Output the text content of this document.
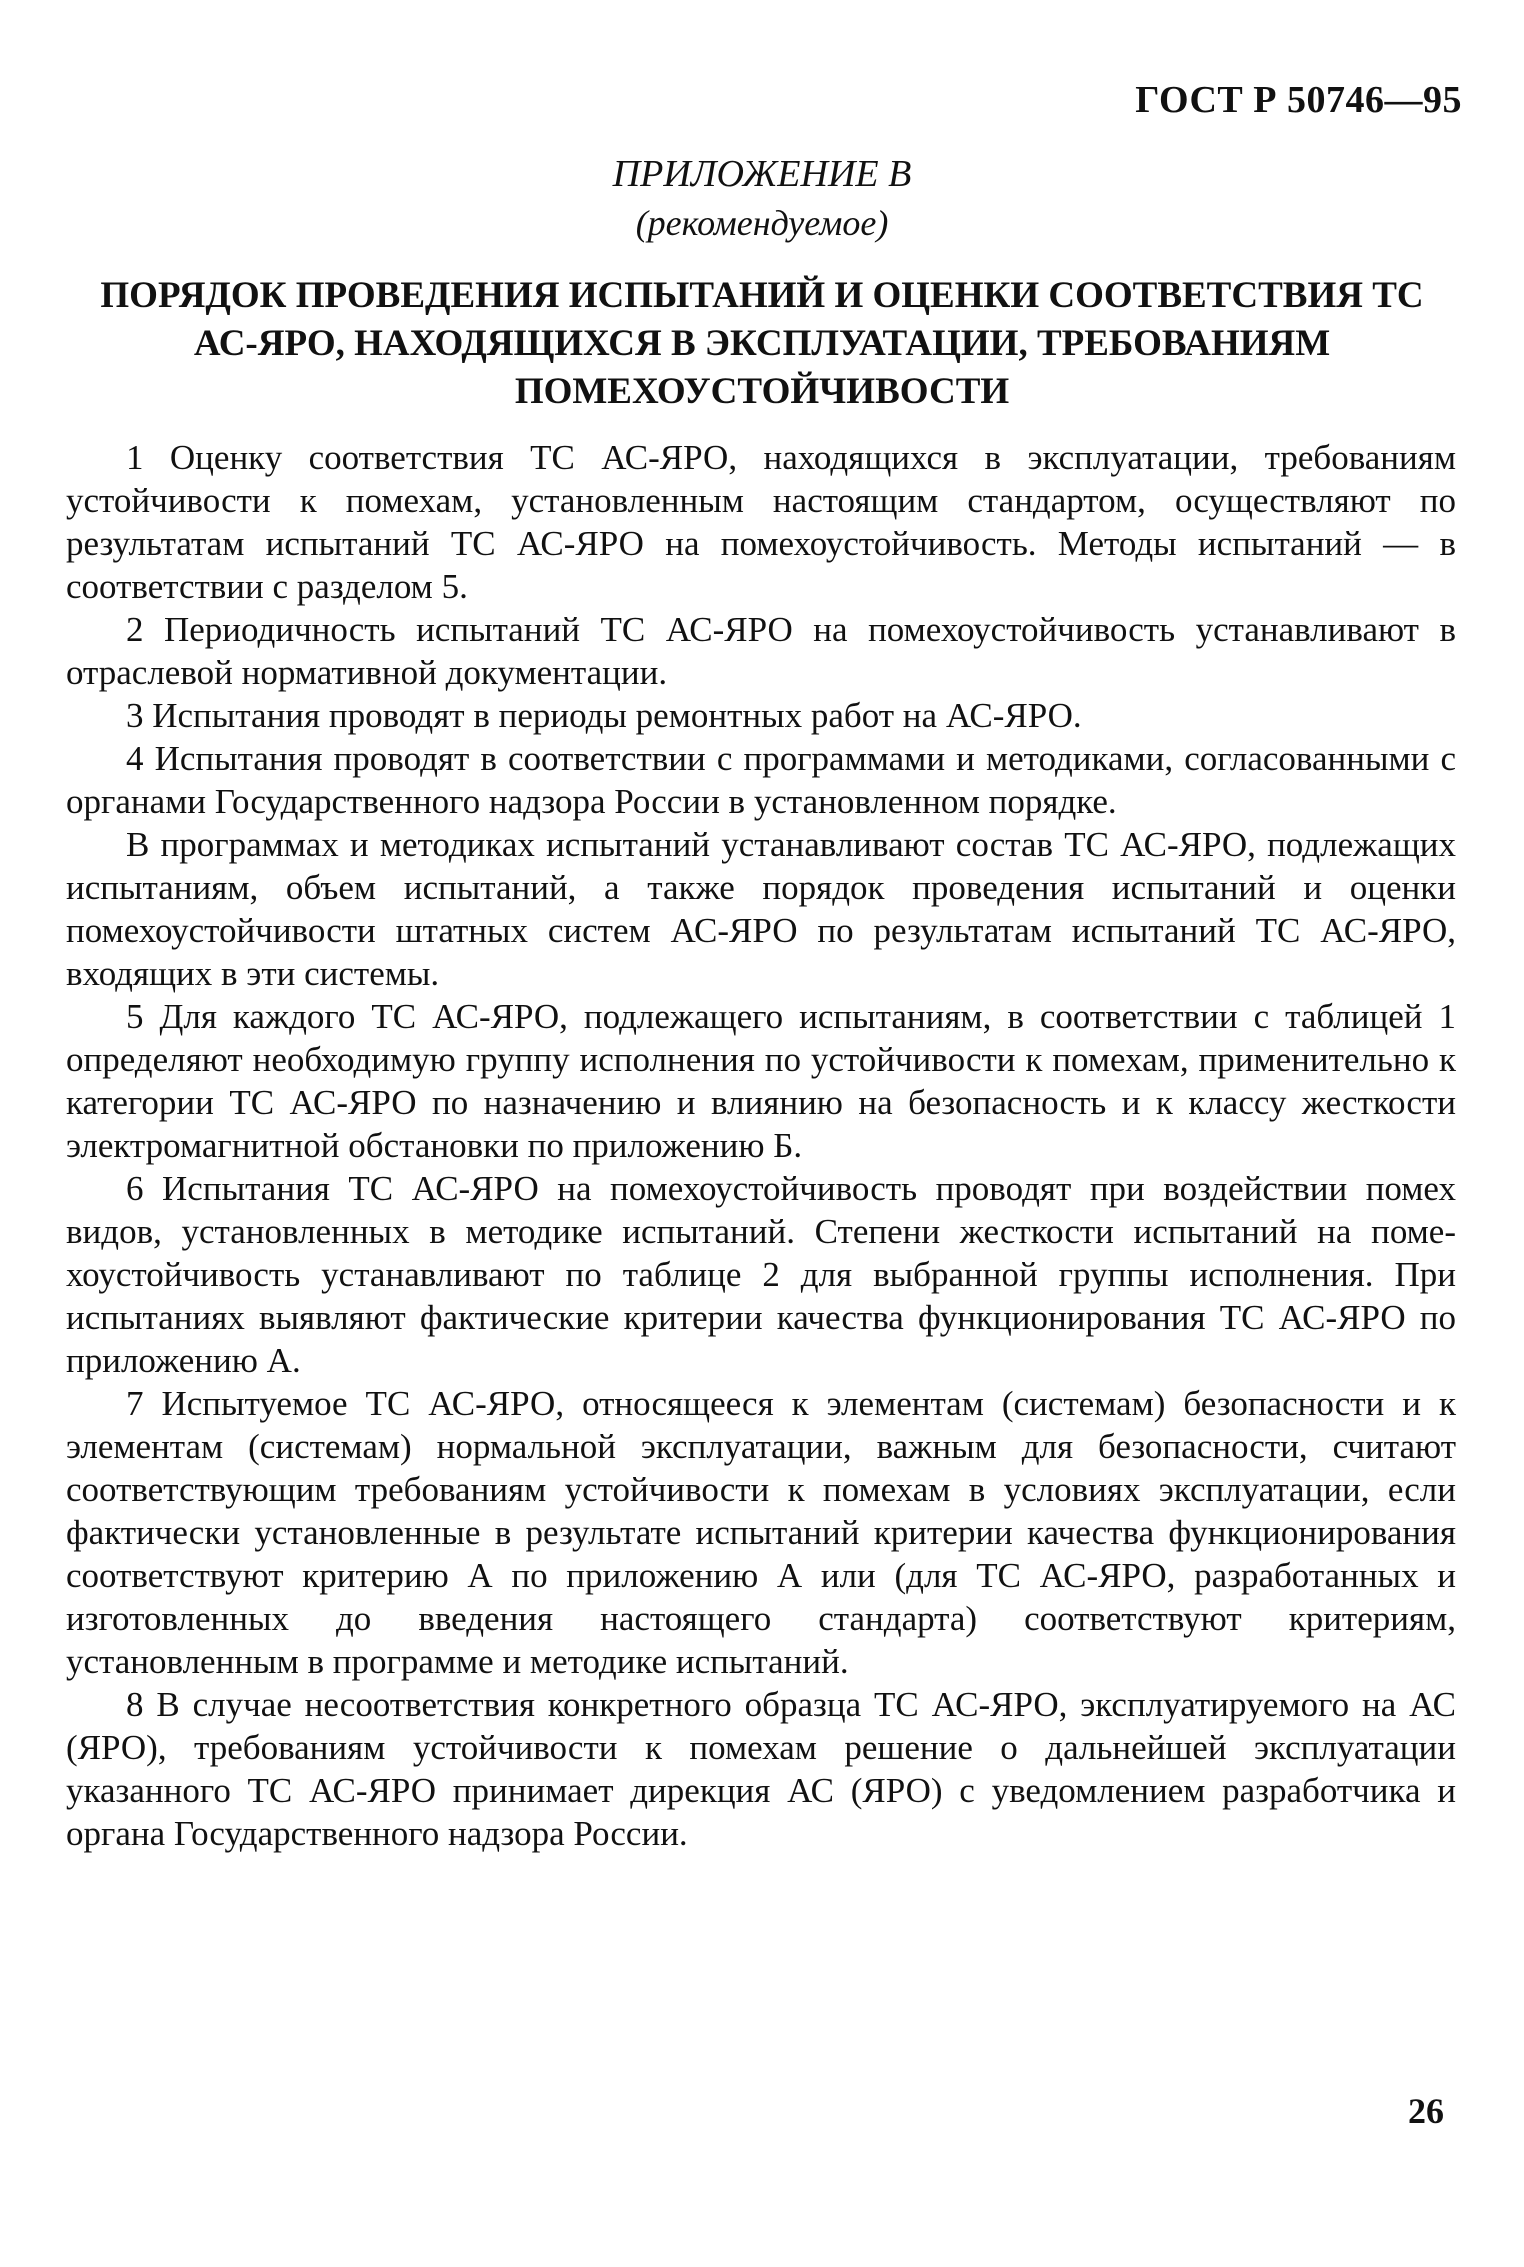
ГОСТ Р 50746—95
ПРИЛОЖЕНИЕ В
(рекомендуемое)
ПОРЯДОК ПРОВЕДЕНИЯ ИСПЫТАНИЙ И ОЦЕНКИ СООТВЕТСТВИЯ ТС
АС-ЯРО, НАХОДЯЩИХСЯ В ЭКСПЛУАТАЦИИ, ТРЕБОВАНИЯМ
ПОМЕХОУСТОЙЧИВОСТИ

1 Оценку соответствия ТС АС-ЯРО, находящихся в эксплуатации, требованиям устойчивости к помехам, установленным настоящим стандартом, осуществляют по результатам испытаний ТС АС-ЯРО на помехоустойчивость. Методы испытаний — в соответствии с разделом 5.

2 Периодичность испытаний ТС АС-ЯРО на помехоустойчивость устанавливают в отраслевой нормативной документации.

3 Испытания проводят в периоды ремонтных работ на АС-ЯРО.

4 Испытания проводят в соответствии с программами и методиками, согласованными с органами Государственного надзора России в установленном порядке.

В программах и методиках испытаний устанавливают состав ТС АС-ЯРО, подлежащих испытаниям, объем испытаний, а также порядок проведения испытаний и оценки помехоустойчивости штатных систем АС-ЯРО по результатам испытаний ТС АС-ЯРО, входящих в эти системы.

5 Для каждого ТС АС-ЯРО, подлежащего испытаниям, в соответствии с таблицей 1 определяют необходимую группу исполнения по устойчивости к помехам, применительно к категории ТС АС-ЯРО по назначению и влиянию на безопасность и к классу жесткости электромагнитной обстановки по приложению Б.

6 Испытания ТС АС-ЯРО на помехоустойчивость проводят при воздействии помех видов, установленных в методике испытаний. Степени жесткости испытаний на помехоустойчивость устанавливают по таблице 2 для выбранной группы исполнения. При испытаниях выявляют фактические критерии качества функционирования ТС АС-ЯРО по приложению А.

7 Испытуемое ТС АС-ЯРО, относящееся к элементам (системам) безопасности и к элементам (системам) нормальной эксплуатации, важным для безопасности, считают соответствующим требованиям устойчивости к помехам в условиях эксплуатации, если фактически установленные в результате испытаний критерии качества функционирования соответствуют критерию А по приложению А или (для ТС АС-ЯРО, разработанных и изготовленных до введения настоящего стандарта) соответствуют критериям, установленным в программе и методике испытаний.

8 В случае несоответствия конкретного образца ТС АС-ЯРО, эксплуатируемого на АС (ЯРО), требованиям устойчивости к помехам решение о дальнейшей эксплуатации указанного ТС АС-ЯРО принимает дирекция АС (ЯРО) с уведомлением разработчика и органа Государственного надзора России.

26
